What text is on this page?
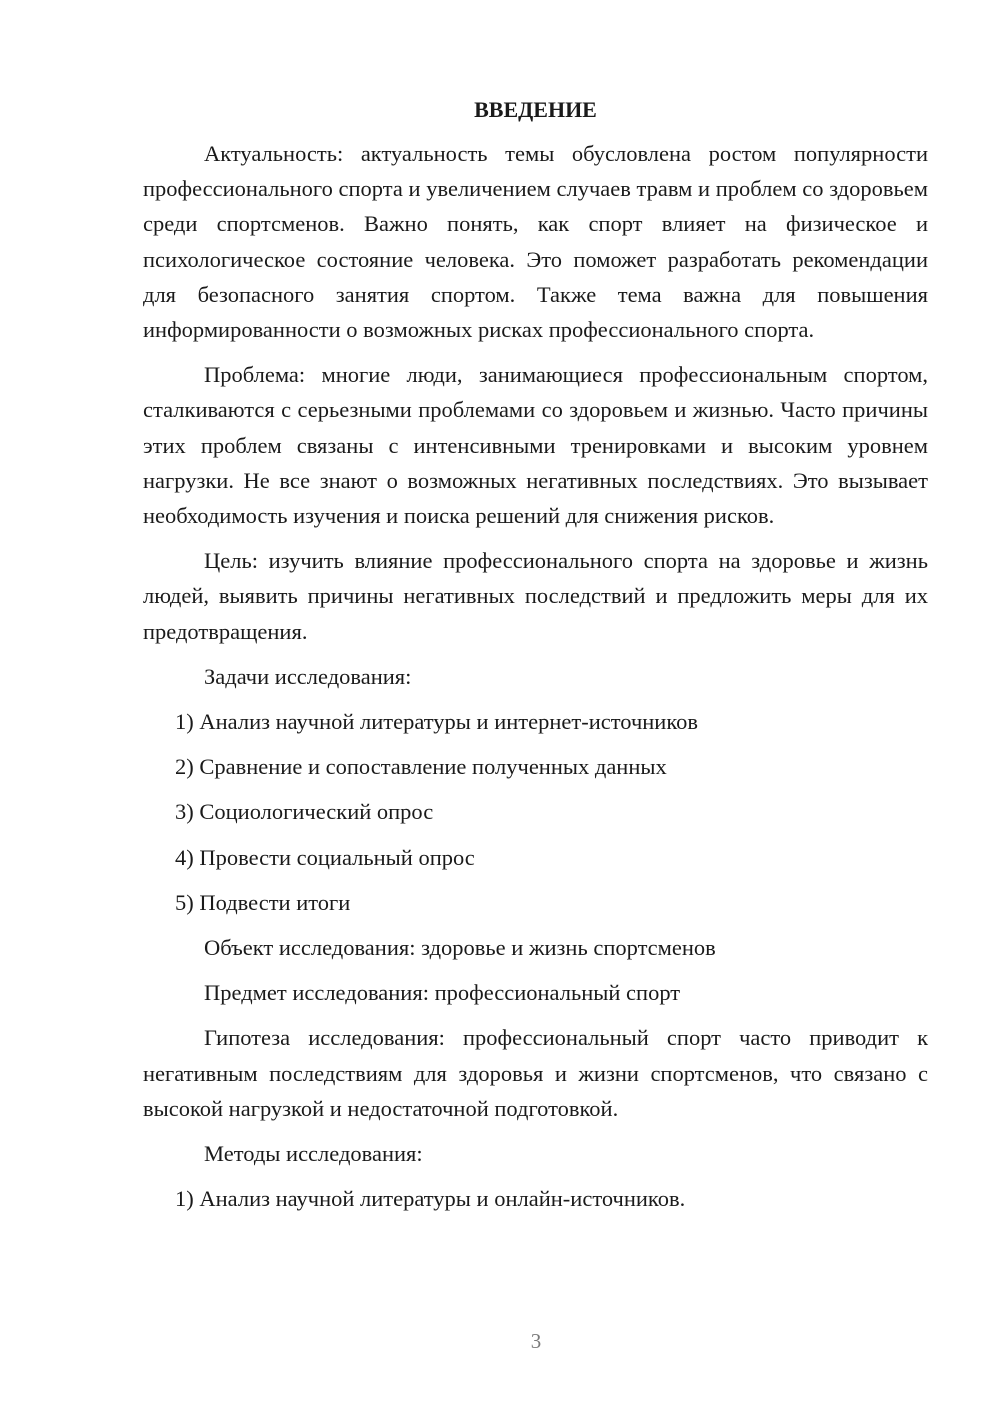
ВВЕДЕНИЕ

Актуальность: актуальность темы обусловлена ростом популярности профессионального спорта и увеличением случаев травм и проблем со здоровьем среди спортсменов. Важно понять, как спорт влияет на физическое и психологическое состояние человека. Это поможет разработать рекомендации для безопасного занятия спортом. Также тема важна для повышения информированности о возможных рисках профессионального спорта.

Проблема: многие люди, занимающиеся профессиональным спортом, сталкиваются с серьезными проблемами со здоровьем и жизнью. Часто причины этих проблем связаны с интенсивными тренировками и высоким уровнем нагрузки. Не все знают о возможных негативных последствиях. Это вызывает необходимость изучения и поиска решений для снижения рисков.

Цель: изучить влияние профессионального спорта на здоровье и жизнь людей, выявить причины негативных последствий и предложить меры для их предотвращения.

Задачи исследования:
1) Анализ научной литературы и интернет-источников
2) Сравнение и сопоставление полученных данных
3) Социологический опрос
4) Провести социальный опрос
5) Подвести итоги
Объект исследования: здоровье и жизнь спортсменов
Предмет исследования: профессиональный спорт

Гипотеза исследования: профессиональный спорт часто приводит к негативным последствиям для здоровья и жизни спортсменов, что связано с высокой нагрузкой и недостаточной подготовкой.

Методы исследования:
1) Анализ научной литературы и онлайн-источников.
3
